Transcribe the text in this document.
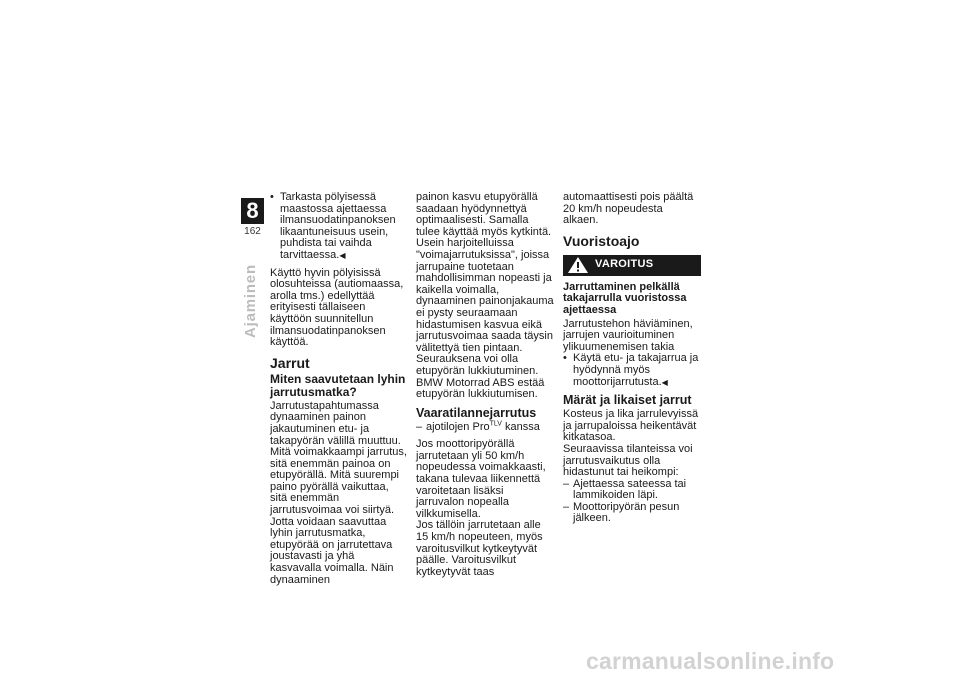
8
162
Ajaminen
• Tarkasta pölyisessä maastossa ajettaessa ilmansuodatinpanoksen likaantuneisuus usein, puhdista tai vaihda tarvittaessa.◀
Käyttö hyvin pölyisissä olosuhteissa (autiomaassa, arolla tms.) edellyttää erityisesti tällaiseen käyttöön suunnitellun ilmansuodatinpanoksen käyttöä.
Jarrut
Miten saavutetaan lyhin jarrutusmatka?
Jarrutustapahtumassa dynaaminen painon jakautuminen etu- ja takapyörän välillä muuttuu. Mitä voimakkaampi jarrutus, sitä enemmän painoa on etupyörällä. Mitä suurempi paino pyörällä vaikuttaa, sitä enemmän jarrutusvoimaa voi siirtyä.
Jotta voidaan saavuttaa lyhin jarrutusmatka, etupyörää on jarrutettava joustavasti ja yhä kasvavalla voimalla. Näin dynaaminen
painon kasvu etupyörällä saadaan hyödynnettyä optimaalisesti. Samalla tulee käyttää myös kytkintä. Usein harjoitelluissa "voimajarrutuksissa", joissa jarrupaine tuotetaan mahdollisimman nopeasti ja kaikella voimalla, dynaaminen painonjakauma ei pysty seuraamaan hidastumisen kasvua eikä jarrutusvoimaa saada täysin välitettyä tien pintaan. Seurauksena voi olla etupyörän lukkiutuminen.
BMW Motorrad ABS estää etupyörän lukkiutumisen.
Vaaratilannejarrutus
– ajotilojen Pro$^{TLV}$ kanssa
Jos moottoripyörällä jarrutetaan yli 50 km/h nopeudessa voimakkaasti, takana tulevaa liikennettä varoitetaan lisäksi jarruvalon nopealla vilkkumisella.
Jos tällöin jarrutetaan alle 15 km/h nopeuteen, myös varoitusvilkut kytkeytyvät päälle. Varoitusvilkut kytkeytyvät taas
automaattisesti pois päältä 20 km/h nopeudesta alkaen.
Vuoristoajo
VAROITUS
Jarruttaminen pelkällä takajarrulla vuoristossa ajettaessa
Jarrutustehon häviäminen, jarrujen vaurioituminen ylikuumenemisen takia
• Käytä etu- ja takajarrua ja hyödynnä myös moottorijarrutusta.◀
Märät ja likaiset jarrut
Kosteus ja lika jarrulevyissä ja jarrupaloissa heikentävät kitkatasoa.
Seuraavissa tilanteissa voi jarrutusvaikutus olla hidastunut tai heikompi:
– Ajettaessa sateessa tai lammikoiden läpi.
– Moottoripyörän pesun jälkeen.
carmanualsonline.info
